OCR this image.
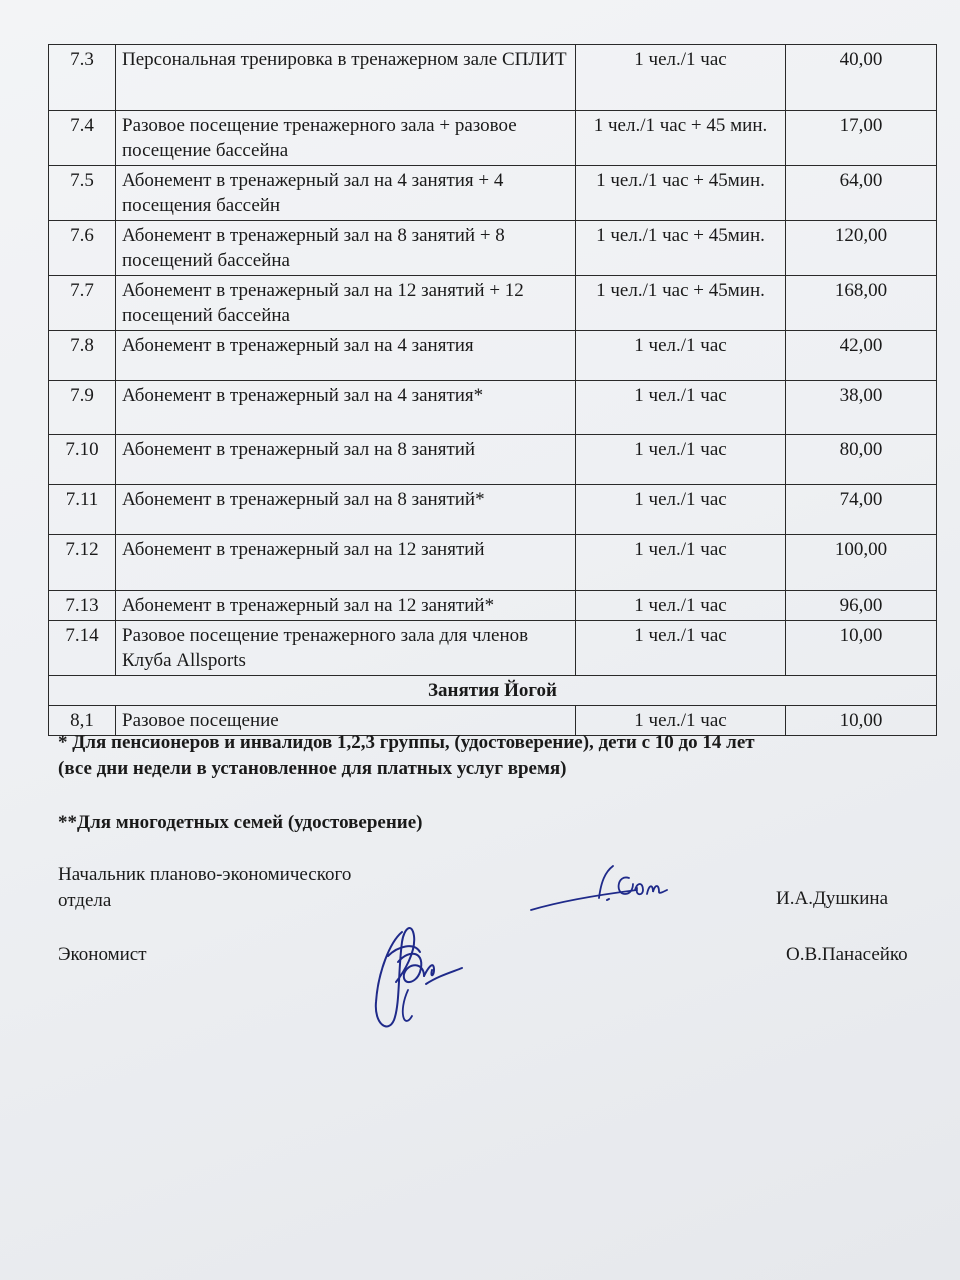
7.3	Персональная тренировка в тренажерном зале СПЛИТ	1 чел./1 час	40,00
7.4	Разовое посещение тренажерного зала + разовое посещение бассейна	1 чел./1 час + 45 мин.	17,00
7.5	Абонемент в тренажерный зал на 4 занятия + 4 посещения бассейн	1 чел./1 час + 45мин.	64,00
7.6	Абонемент в тренажерный зал на 8 занятий + 8 посещений бассейна	1 чел./1 час + 45мин.	120,00
7.7	Абонемент в тренажерный зал на 12 занятий + 12 посещений бассейна	1 чел./1 час + 45мин.	168,00
7.8	Абонемент в тренажерный зал на 4 занятия	1 чел./1 час	42,00
7.9	Абонемент в тренажерный зал на 4 занятия*	1 чел./1 час	38,00
7.10	Абонемент в тренажерный зал на 8 занятий	1 чел./1 час	80,00
7.11	Абонемент в тренажерный зал на 8 занятий*	1 чел./1 час	74,00
7.12	Абонемент в тренажерный зал на 12 занятий	1 чел./1 час	100,00
7.13	Абонемент в тренажерный зал на 12 занятий*	1 чел./1 час	96,00
7.14	Разовое посещение тренажерного зала для членов Клуба Allsports	1 чел./1 час	10,00
Занятия Йогой			
8,1	Разовое посещение	1 чел./1 час	10,00
* Для пенсионеров и инвалидов 1,2,3 группы, (удостоверение), дети с 10 до 14 лет
(все дни недели в установленное для платных услуг время)
**Для многодетных семей (удостоверение)
Начальник планово-экономического
отдела	И.А.Душкина
Экономист	О.В.Панасейко
